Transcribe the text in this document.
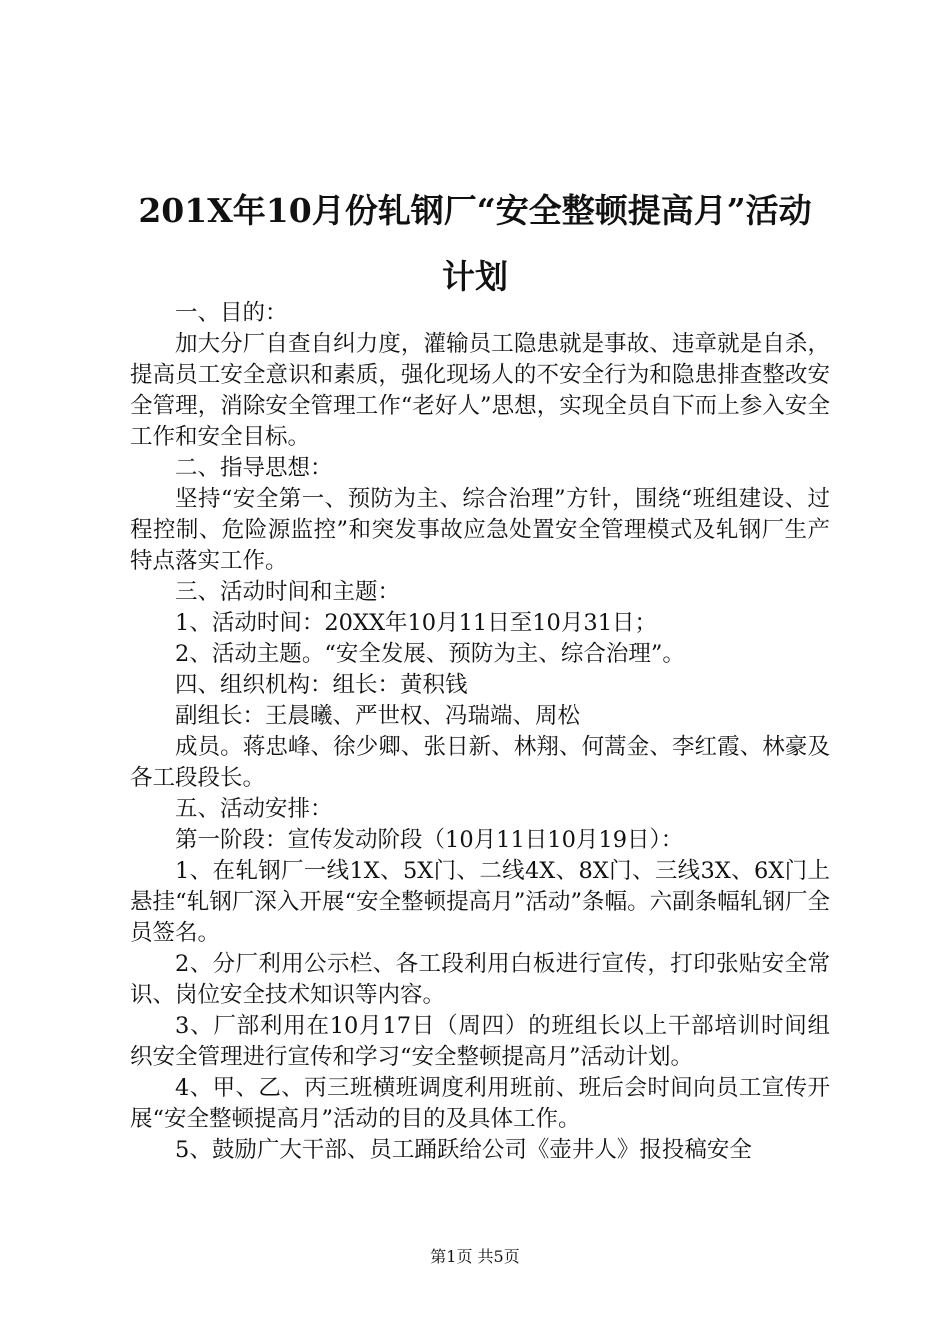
201X年10月份轧钢厂“安全整顿提高月”活动计划

一、目的：

加大分厂自查自纠力度，灌输员工隐患就是事故、违章就是自杀，提高员工安全意识和素质，强化现场人的不安全行为和隐患排查整改安全管理，消除安全管理工作“老好人”思想，实现全员自下而上参入安全工作和安全目标。

二、指导思想：

坚持“安全第一、预防为主、综合治理”方针，围绕“班组建设、过程控制、危险源监控”和突发事故应急处置安全管理模式及轧钢厂生产特点落实工作。

三、活动时间和主题：

1、活动时间：20XX年10月11日至10月31日；

2、活动主题。“安全发展、预防为主、综合治理”。

四、组织机构：组长：黄积钱

副组长：王晨曦、严世权、冯瑞端、周松

成员。蒋忠峰、徐少卿、张日新、林翔、何蒿金、李红霞、林豪及各工段段长。

五、活动安排：

第一阶段：宣传发动阶段（10月11日10月19日）：

1、在轧钢厂一线1X、5X门、二线4X、8X门、三线3X、6X门上悬挂“轧钢厂深入开展“安全整顿提高月”活动”条幅。六副条幅轧钢厂全员签名。

2、分厂利用公示栏、各工段利用白板进行宣传，打印张贴安全常识、岗位安全技术知识等内容。

3、厂部利用在10月17日（周四）的班组长以上干部培训时间组织安全管理进行宣传和学习“安全整顿提高月”活动计划。

4、甲、乙、丙三班横班调度利用班前、班后会时间向员工宣传开展“安全整顿提高月”活动的目的及具体工作。

5、鼓励广大干部、员工踊跃给公司《壶井人》报投稿安全

第1页 共5页
